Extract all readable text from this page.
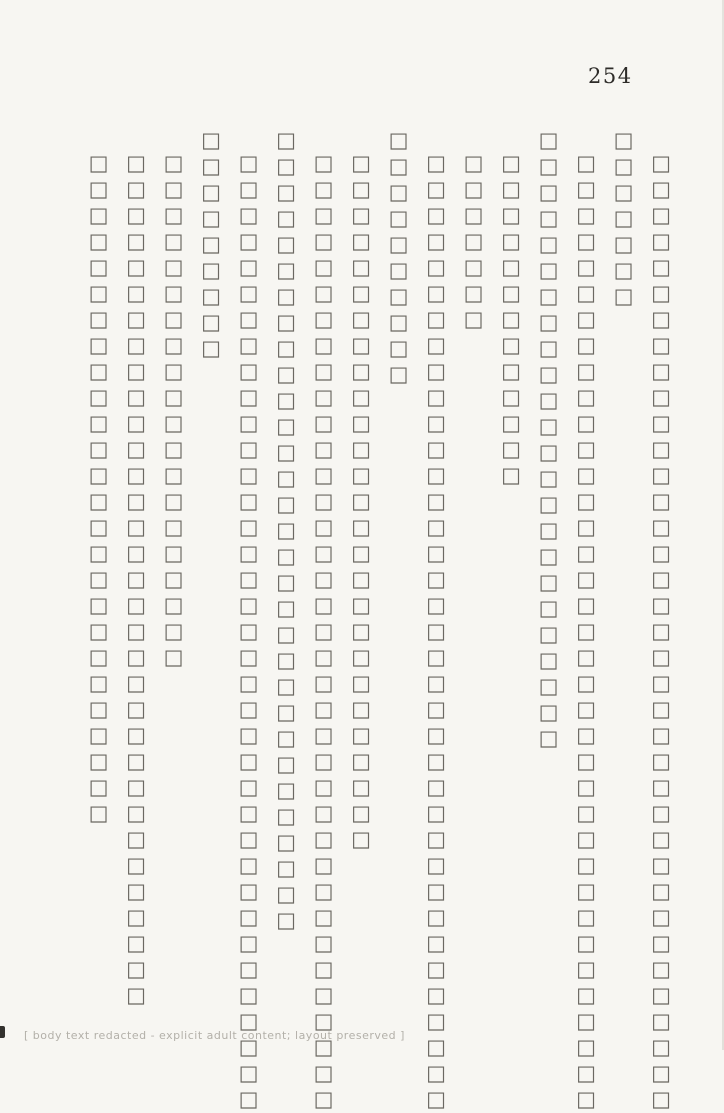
254

□□□□□□□□□□□□□□□□□□□□□□□□□□□□□□□□□□□□□

□□□□□□□

□□□□□□□□□□□□□□□□□□□□□□□□□□□□□□□□□□□□□

□□□□□□□□□□□□□□□□□□□□□□□□

□□□□□□□□□□□□□

□□□□□□□

□□□□□□□□□□□□□□□□□□□□□□□□□□□□□□□□□□□□□

□□□□□□□□□□

□□□□□□□□□□□□□□□□□□□□□□□□□□□

□□□□□□□□□□□□□□□□□□□□□□□□□□□□□□□□□□□□□

□□□□□□□□□□□□□□□□□□□□□□□□□□□□□□□

□□□□□□□□□□□□□□□□□□□□□□□□□□□□□□□□□□□□□

□□□□□□□□□

□□□□□□□□□□□□□□□□□□□□

□□□□□□□□□□□□□□□□□□□□□□□□□□□□□□□□□

□□□□□□□□□□□□□□□□□□□□□□□□□□

[ body text redacted - explicit adult content; layout preserved ]
